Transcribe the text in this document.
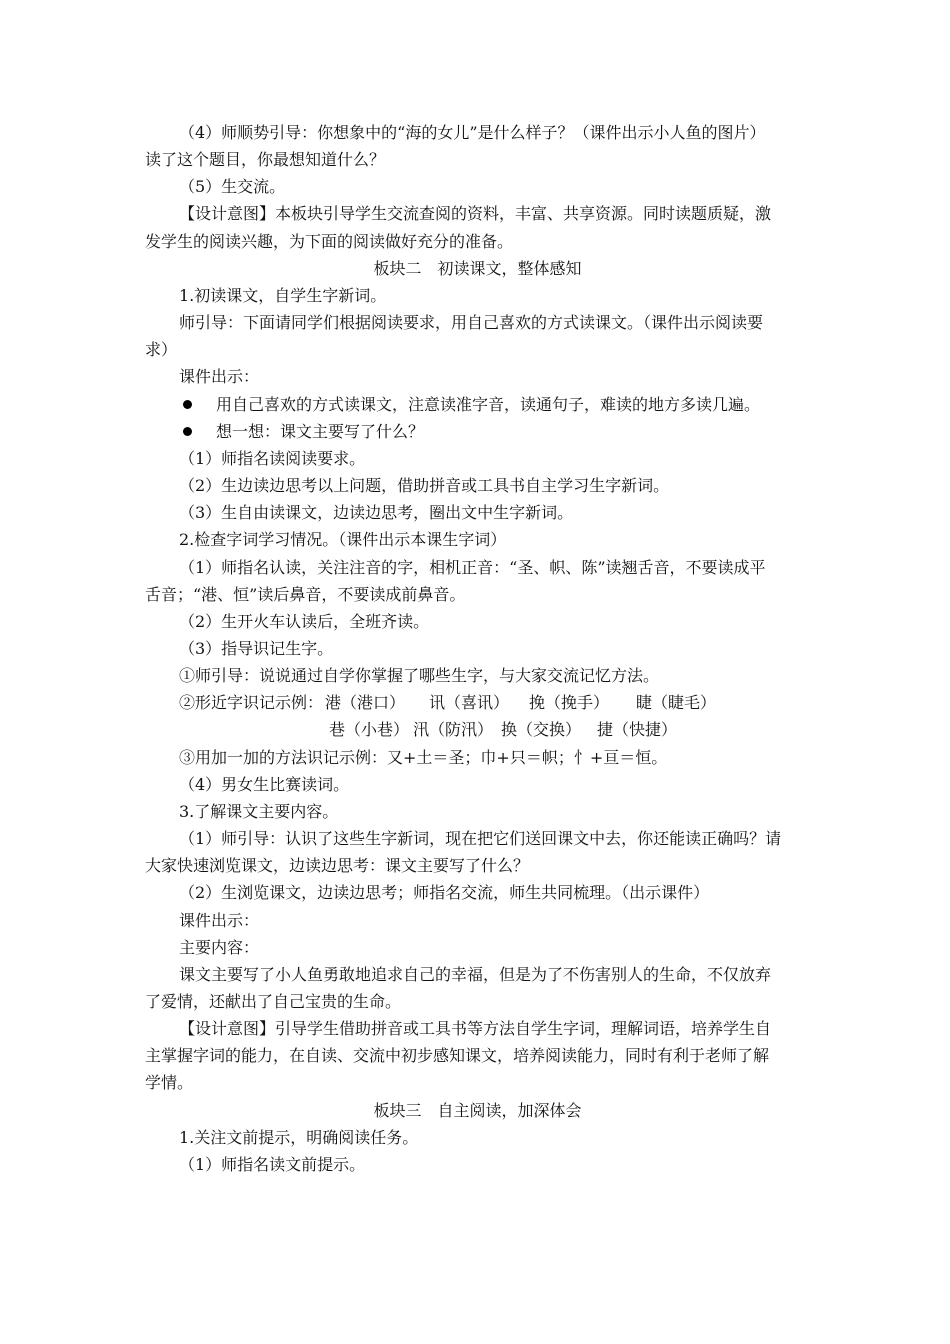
（4）师顺势引导：你想象中的“海的女儿”是什么样子？（课件出示小人鱼的图片）

读了这个题目，你最想知道什么？

（5）生交流。

【设计意图】本板块引导学生交流查阅的资料，丰富、共享资源。同时读题质疑，激

发学生的阅读兴趣，为下面的阅读做好充分的准备。

板块二　初读课文，整体感知

1.初读课文，自学生字新词。

师引导：下面请同学们根据阅读要求，用自己喜欢的方式读课文。（课件出示阅读要

求）

课件出示：

用自己喜欢的方式读课文，注意读准字音，读通句子，难读的地方多读几遍。

想一想：课文主要写了什么？

（1）师指名读阅读要求。

（2）生边读边思考以上问题，借助拼音或工具书自主学习生字新词。

（3）生自由读课文，边读边思考，圈出文中生字新词。

2.检查字词学习情况。（课件出示本课生字词）

（1）师指名认读，关注注音的字，相机正音：“圣、帜、陈”读翘舌音，不要读成平

舌音；“港、恒”读后鼻音，不要读成前鼻音。

（2）生开火车认读后，全班齐读。

（3）指导识记生字。

①师引导：说说通过自学你掌握了哪些生字，与大家交流记忆方法。

②形近字识记示例： 港（港口）	讯（喜讯）	挽（挽手）	睫（睫毛）

巷（小巷） 汛（防汛） 换（交换） 捷（快捷）

③用加一加的方法识记示例：又+土＝圣；巾+只＝帜；忄+亘＝恒。

（4）男女生比赛读词。

3.了解课文主要内容。

（1）师引导：认识了这些生字新词，现在把它们送回课文中去，你还能读正确吗？请

大家快速浏览课文，边读边思考：课文主要写了什么？

（2）生浏览课文，边读边思考；师指名交流，师生共同梳理。（出示课件）

课件出示：

主要内容：

课文主要写了小人鱼勇敢地追求自己的幸福，但是为了不伤害别人的生命，不仅放弃

了爱情，还献出了自己宝贵的生命。

【设计意图】引导学生借助拼音或工具书等方法自学生字词，理解词语，培养学生自

主掌握字词的能力，在自读、交流中初步感知课文，培养阅读能力，同时有利于老师了解

学情。

板块三　自主阅读，加深体会

1.关注文前提示，明确阅读任务。

（1）师指名读文前提示。
